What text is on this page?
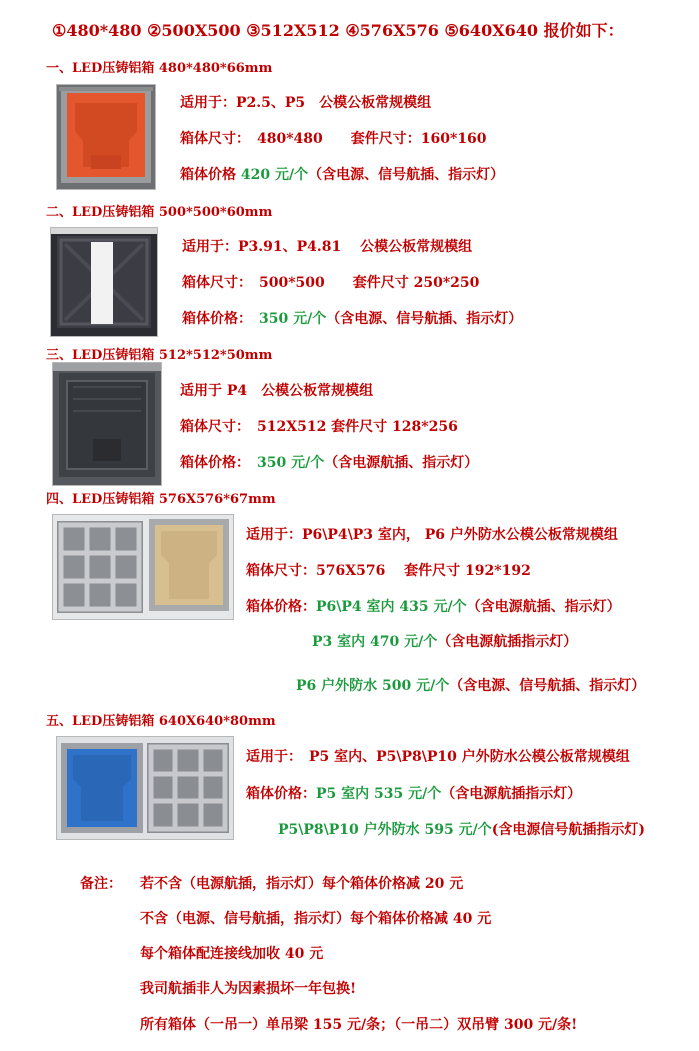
①480*480 ②500X500 ③512X512 ④576X576 ⑤640X640 报价如下：
一、LED压铸铝箱 480*480*66mm
适用于：P2.5、P5　公模公板常规模组
箱体尺寸：　480*480　　套件尺寸：160*160
箱体价格 420 元/个（含电源、信号航插、指示灯）
二、LED压铸铝箱 500*500*60mm
适用于：P3.91、P4.81　 公模公板常规模组
箱体尺寸：　500*500　　套件尺寸 250*250
箱体价格：　350 元/个（含电源、信号航插、指示灯）
三、LED压铸铝箱 512*512*50mm
适用于 P4　公模公板常规模组
箱体尺寸：　512X512 套件尺寸 128*256
箱体价格：　350 元/个（含电源航插、指示灯）
四、LED压铸铝箱 576X576*67mm
适用于：P6\P4\P3 室内， P6 户外防水公模公板常规模组
箱体尺寸：576X576　 套件尺寸 192*192
箱体价格：P6\P4 室内 435 元/个（含电源航插、指示灯）
P3 室内 470 元/个（含电源航插指示灯）
P6 户外防水 500 元/个（含电源、信号航插、指示灯）
五、LED压铸铝箱 640X640*80mm
适用于：　P5 室内、P5\P8\P10 户外防水公模公板常规模组
箱体价格：P5 室内 535 元/个（含电源航插指示灯）
P5\P8\P10 户外防水 595 元/个(含电源信号航插指示灯)
备注： 若不含（电源航插，指示灯）每个箱体价格减 20 元
不含（电源、信号航插，指示灯）每个箱体价格减 40 元
每个箱体配连接线加收 40 元
我司航插非人为因素损坏一年包换!
所有箱体（一吊一）单吊梁 155 元/条；（一吊二）双吊臂 300 元/条!
